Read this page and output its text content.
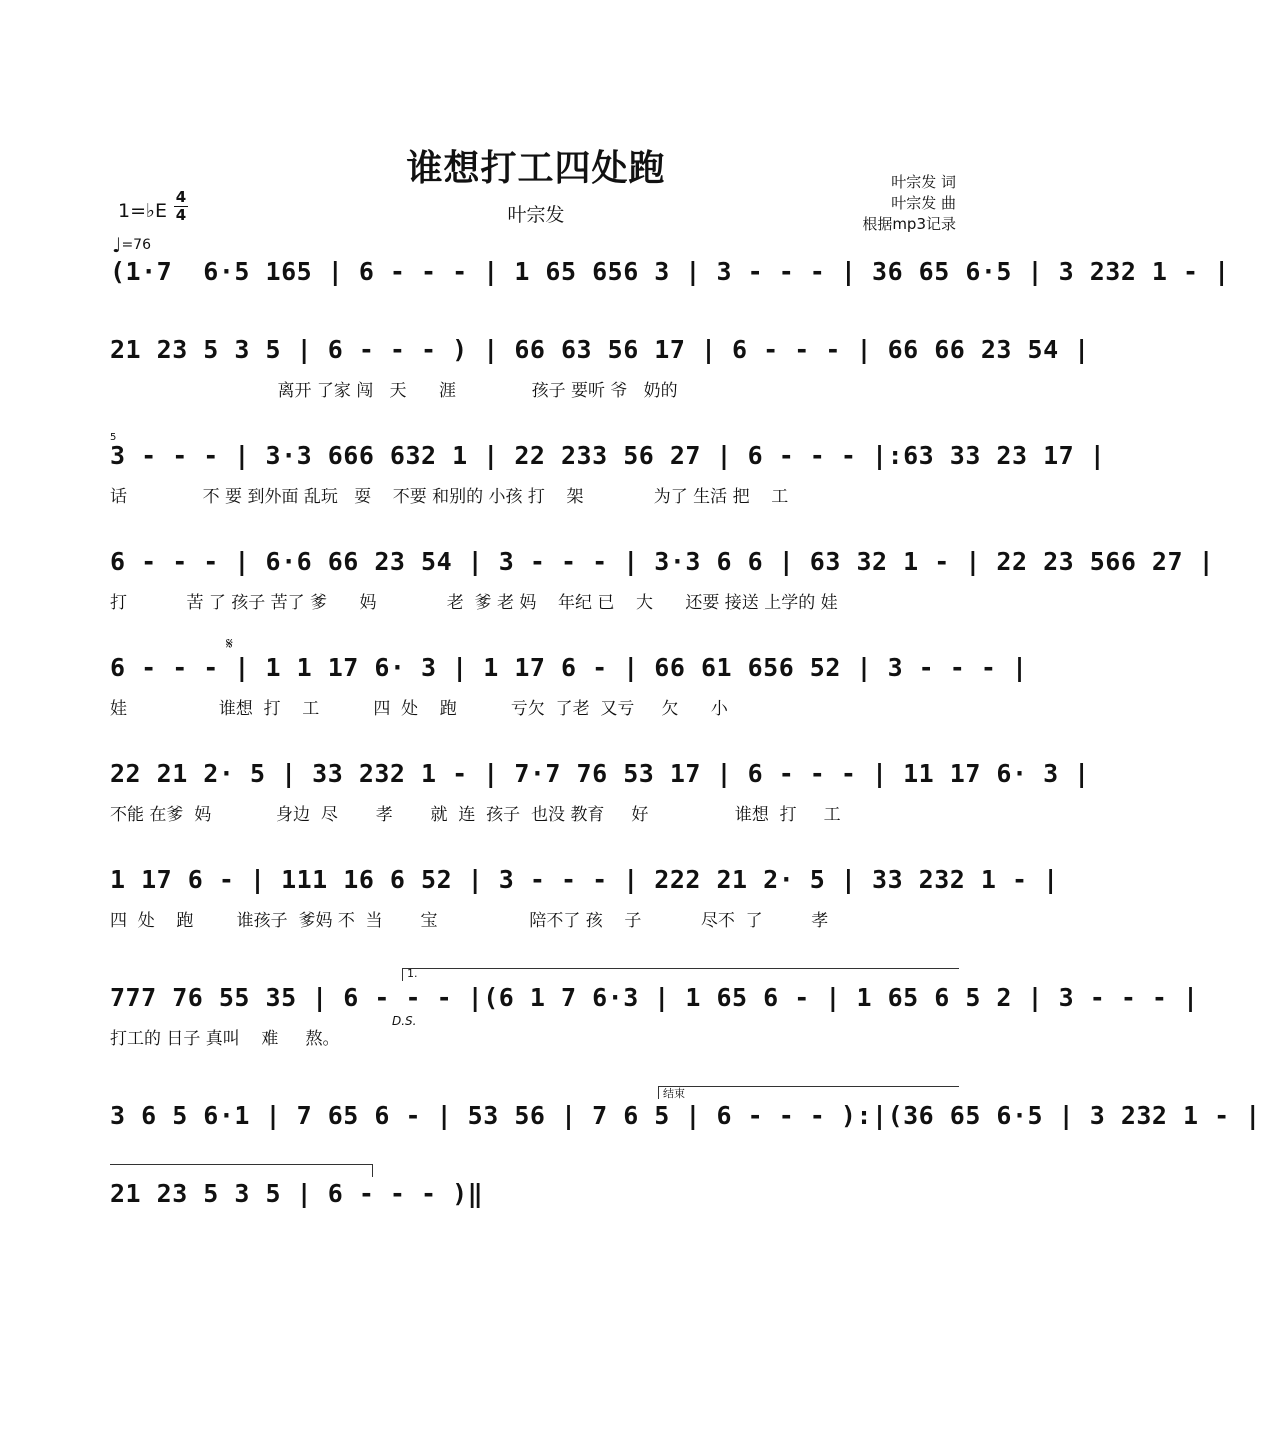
谁想打工四处跑
叶宗发
叶宗发 词
叶宗发 曲
根据mp3记录
1=♭E
4
4
♩=76
(1·7  6·5 165 | 6 - - - | 1 65 656 3 | 3 - - - | 36 65 6·5 | 3 232 1 - |
21 23 5 3 5 | 6 - - - ) | 66 63 56 17 | 6 - - - | 66 66 23 54 |
离开 了家 闯   天      涯              孩子 要听 爷   奶的
3 - - - | 3·3 666 632 1 | 22 233 56 27 | 6 - - - |:63 33 23 17 |
话              不 要 到外面 乱玩   耍    不要 和别的 小孩 打    架             为了 生活 把    工
5
6 - - - | 6·6 66 23 54 | 3 - - - | 3·3 6 6 | 63 32 1 - | 22 23 566 27 |
打           苦 了 孩子 苦了 爹      妈             老  爹 老 妈    年纪 已    大      还要 接送 上学的 娃
𝄋
6 - - - | 1 1 17 6· 3 | 1 17 6 - | 66 61 656 52 | 3 - - - |
娃                 谁想  打    工          四  处    跑          亏欠  了老  又亏     欠      小
22 21 2· 5 | 33 232 1 - | 7·7 76 53 17 | 6 - - - | 11 17 6· 3 |
不能 在爹  妈            身边  尽       孝       就  连  孩子  也没 教育     好                谁想  打     工
1 17 6 - | 111 16 6 52 | 3 - - - | 222 21 2· 5 | 33 232 1 - |
四  处    跑        谁孩子  爹妈 不  当       宝                 陪不了 孩    子           尽不  了         孝
1.
777 76 55 35 | 6 - - - |(6 1 7 6·3 | 1 65 6 - | 1 65 6 5 2 | 3 - - - |
打工的 日子 真叫    难     熬。
D.S.
结束
3 6 5 6·1 | 7 65 6 - | 53 56 | 7 6 5 | 6 - - - ):|(36 65 6·5 | 3 232 1 - |
21 23 5 3 5 | 6 - - - )‖
